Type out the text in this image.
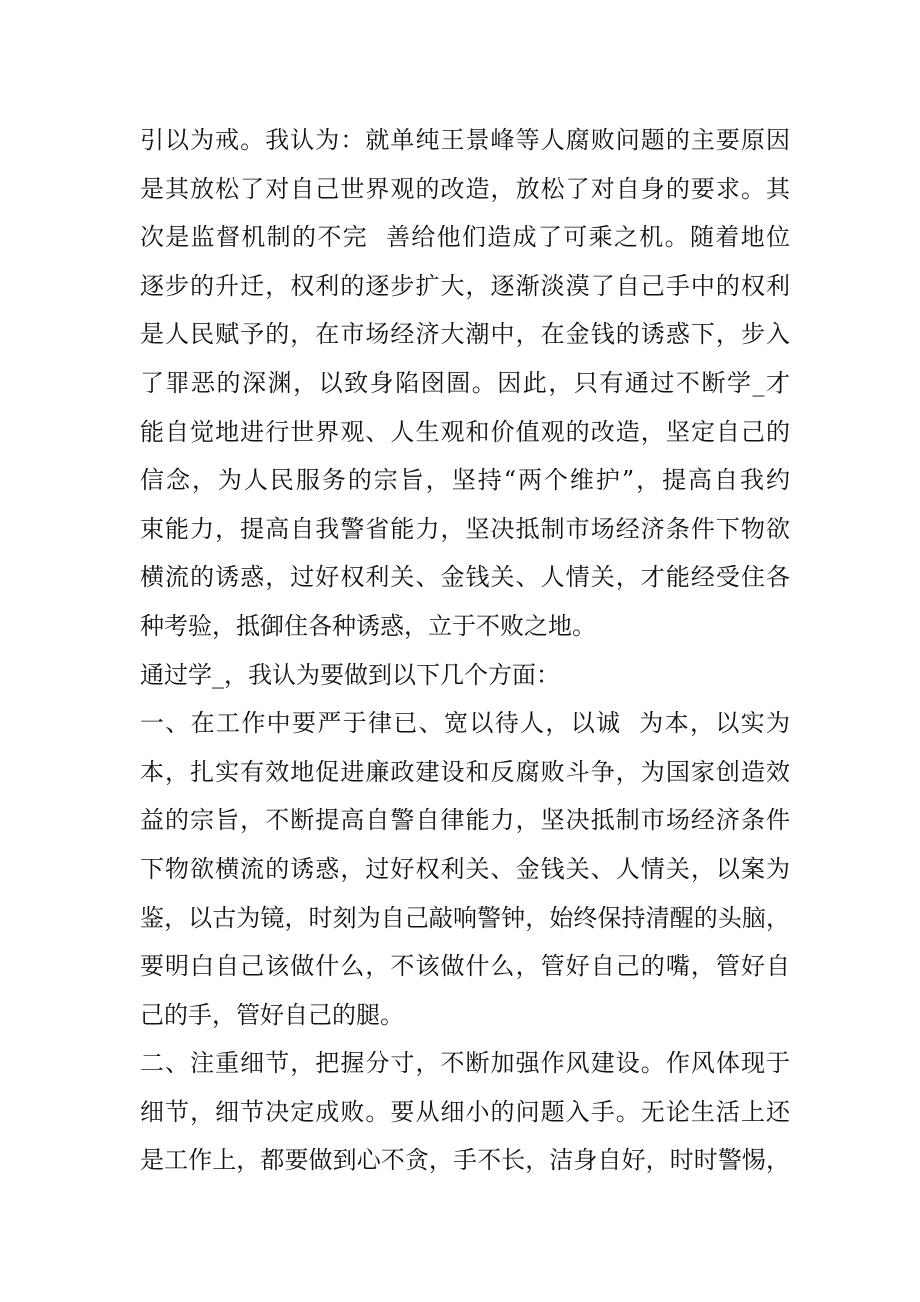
引以为戒。我认为：就单纯王景峰等人腐败问题的主要原因
是其放松了对自己世界观的改造，放松了对自身的要求。其
次是监督机制的不完  善给他们造成了可乘之机。随着地位
逐步的升迁，权利的逐步扩大，逐渐淡漠了自己手中的权利
是人民赋予的，在市场经济大潮中，在金钱的诱惑下，步入
了罪恶的深渊，以致身陷囹圄。因此，只有通过不断学_才
能自觉地进行世界观、人生观和价值观的改造，坚定自己的
信念，为人民服务的宗旨，坚持“两个维护”，提高自我约
束能力，提高自我警省能力，坚决抵制市场经济条件下物欲
横流的诱惑，过好权利关、金钱关、人情关，才能经受住各
种考验，抵御住各种诱惑，立于不败之地。
通过学_，我认为要做到以下几个方面：
一、在工作中要严于律已、宽以待人，以诚  为本，以实为
本，扎实有效地促进廉政建设和反腐败斗争，为国家创造效
益的宗旨，不断提高自警自律能力，坚决抵制市场经济条件
下物欲横流的诱惑，过好权利关、金钱关、人情关，以案为
鉴，以古为镜，时刻为自己敲响警钟，始终保持清醒的头脑，
要明白自己该做什么，不该做什么，管好自己的嘴，管好自
己的手，管好自己的腿。
二、注重细节，把握分寸，不断加强作风建设。作风体现于
细节，细节决定成败。要从细小的问题入手。无论生活上还
是工作上，都要做到心不贪，手不长，洁身自好，时时警惕，
